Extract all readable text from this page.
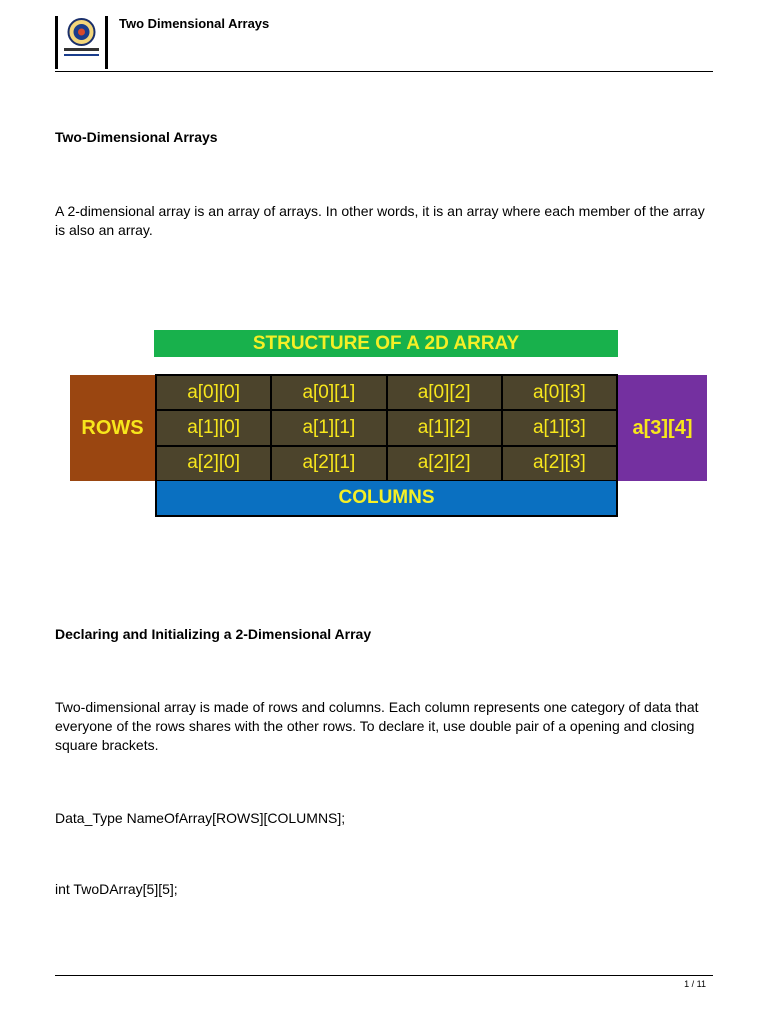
Two Dimensional Arrays
Two-Dimensional Arrays
A 2-dimensional array is an array of arrays. In other words, it is an array where each member of the array is also an array.
STRUCTURE OF A 2D ARRAY
ROWS
a[0][0]	a[0][1]	a[0][2]	a[0][3]
a[1][0]	a[1][1]	a[1][2]	a[1][3]
a[2][0]	a[2][1]	a[2][2]	a[2][3]
a[3][4]
COLUMNS
Declaring and Initializing a 2-Dimensional Array
Two-dimensional array is made of rows and columns. Each column represents one category of data that everyone of the rows shares with the other rows. To declare it, use double pair of a opening and closing square brackets.
Data_Type NameOfArray[ROWS][COLUMNS];
int TwoDArray[5][5];
1 / 11
